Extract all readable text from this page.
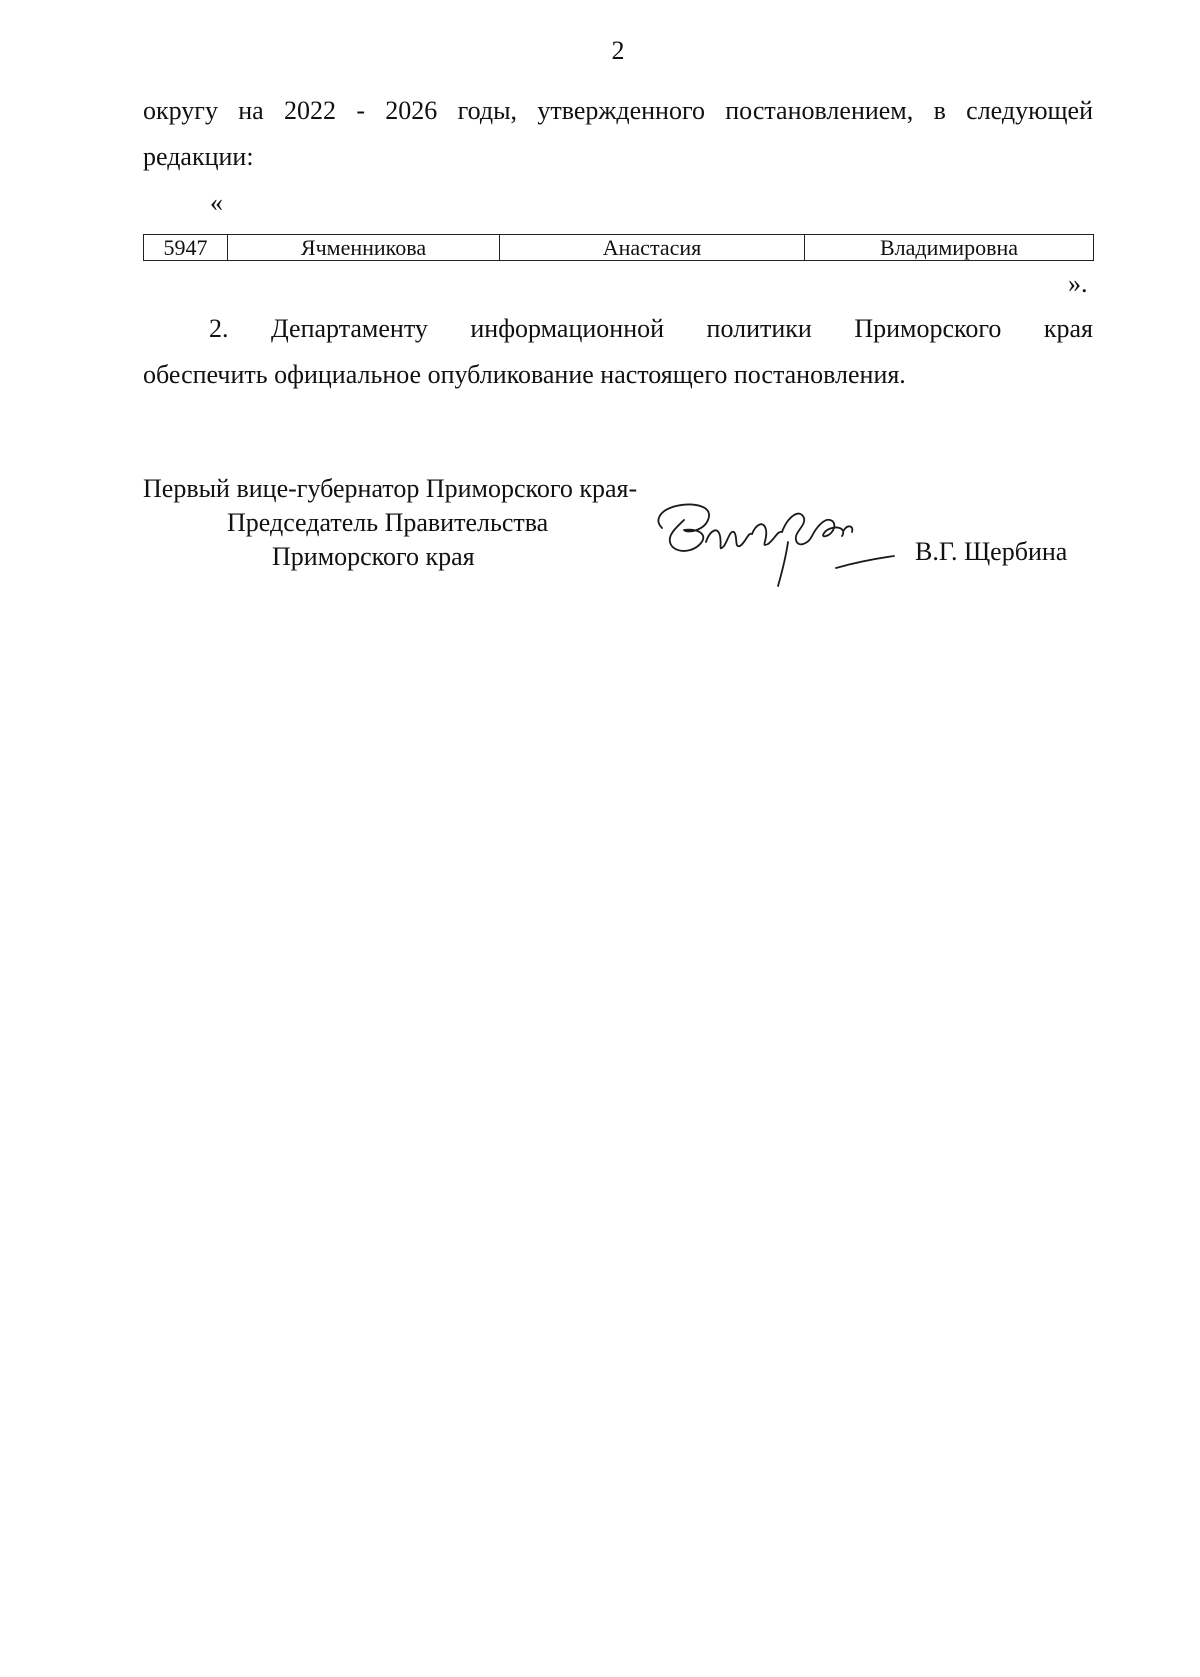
2
округу на 2022 - 2026 годы, утвержденного постановлением, в следующей
редакции:
«
5947	Ячменникова	Анастасия	Владимировна
».
2. Департаменту информационной политики Приморского края
обеспечить официальное опубликование настоящего постановления.
Первый вице-губернатор Приморского края-
Председатель Правительства
Приморского края	В.Г. Щербина
